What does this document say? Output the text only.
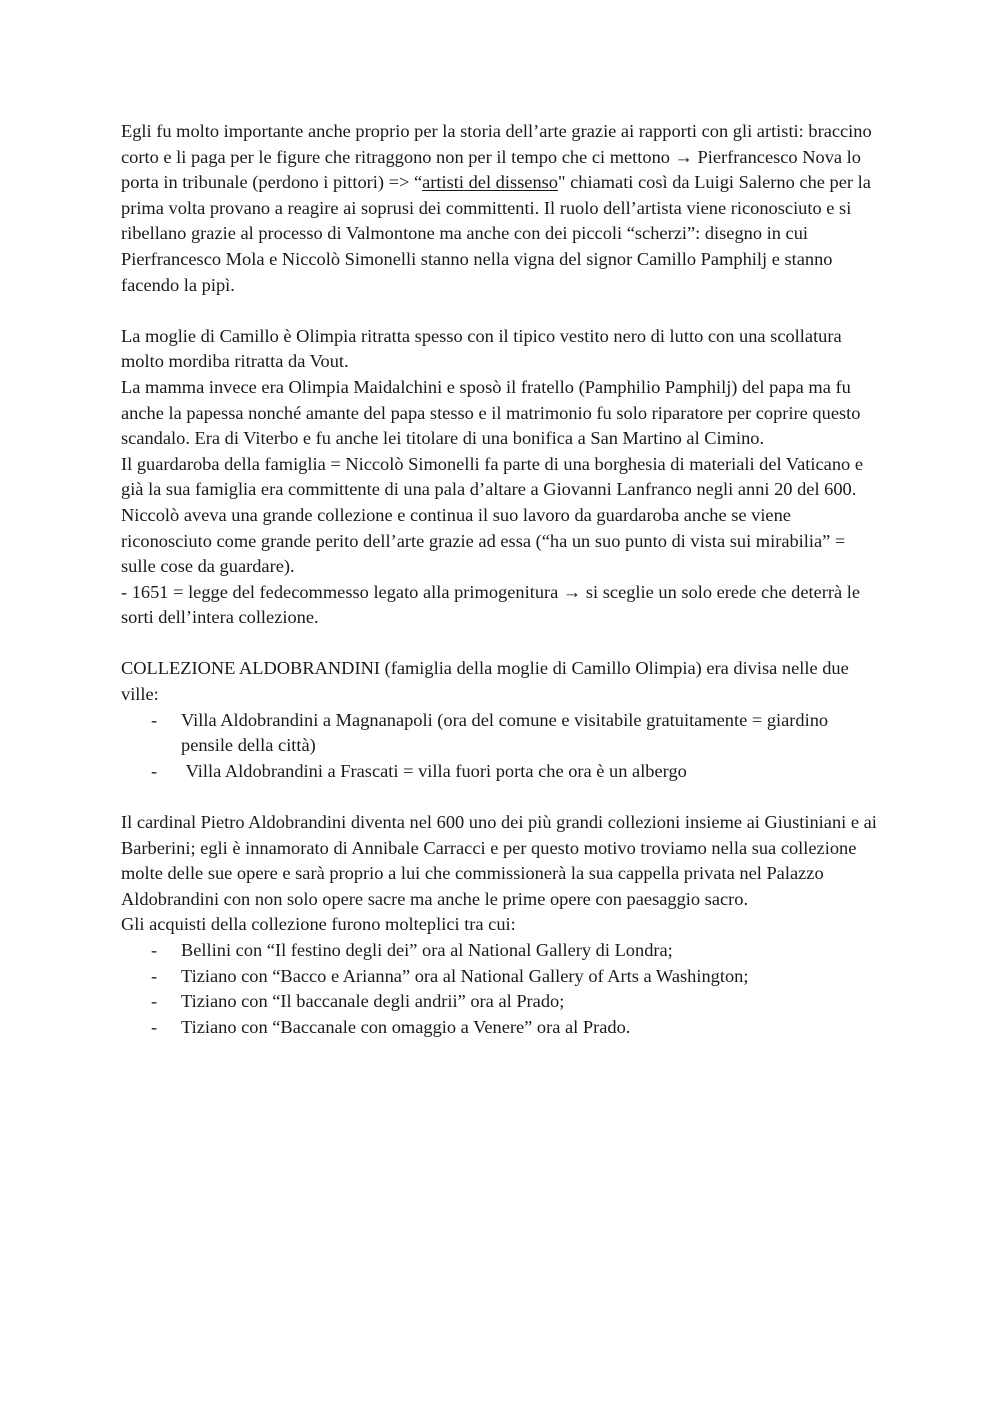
Egli fu molto importante anche proprio per la storia dell’arte grazie ai rapporti con gli artisti: braccino corto e li paga per le figure che ritraggono non per il tempo che ci mettono → Pierfrancesco Nova lo porta in tribunale (perdono i pittori) => “artisti del dissenso" chiamati così da Luigi Salerno che per la prima volta provano a reagire ai soprusi dei committenti. Il ruolo dell’artista viene riconosciuto e si ribellano grazie al processo di Valmontone ma anche con dei piccoli “scherzi”: disegno in cui Pierfrancesco Mola e Niccolò Simonelli stanno nella vigna del signor Camillo Pamphilj e stanno facendo la pipì.

La moglie di Camillo è Olimpia ritratta spesso con il tipico vestito nero di lutto con una scollatura molto mordiba ritratta da Vout.

La mamma invece era Olimpia Maidalchini e sposò il fratello (Pamphilio Pamphilj) del papa ma fu anche la papessa nonché amante del papa stesso e il matrimonio fu solo riparatore per coprire questo scandalo. Era di Viterbo e fu anche lei titolare di una bonifica a San Martino al Cimino.

Il guardaroba della famiglia = Niccolò Simonelli fa parte di una borghesia di materiali del Vaticano e già la sua famiglia era committente di una pala d’altare a Giovanni Lanfranco negli anni 20 del 600. Niccolò aveva una grande collezione e continua il suo lavoro da guardaroba anche se viene riconosciuto come grande perito dell’arte grazie ad essa (“ha un suo punto di vista sui mirabilia” = sulle cose da guardare).

- 1651 = legge del fedecommesso legato alla primogenitura → si sceglie un solo erede che deterrà le sorti dell’intera collezione.

COLLEZIONE ALDOBRANDINI (famiglia della moglie di Camillo Olimpia) era divisa nelle due ville:

- Villa Aldobrandini a Magnanapoli (ora del comune e visitabile gratuitamente = giardino pensile della città)
- Villa Aldobrandini a Frascati = villa fuori porta che ora è un albergo

Il cardinal Pietro Aldobrandini diventa nel 600 uno dei più grandi collezioni insieme ai Giustiniani e ai Barberini; egli è innamorato di Annibale Carracci e per questo motivo troviamo nella sua collezione molte delle sue opere e sarà proprio a lui che commissionerà la sua cappella privata nel Palazzo Aldobrandini con non solo opere sacre ma anche le prime opere con paesaggio sacro.

Gli acquisti della collezione furono molteplici tra cui:

- Bellini con “Il festino degli dei” ora al National Gallery di Londra;
- Tiziano con “Bacco e Arianna” ora al National Gallery of Arts a Washington;
- Tiziano con “Il baccanale degli andrii” ora al Prado;
- Tiziano con “Baccanale con omaggio a Venere” ora al Prado.
